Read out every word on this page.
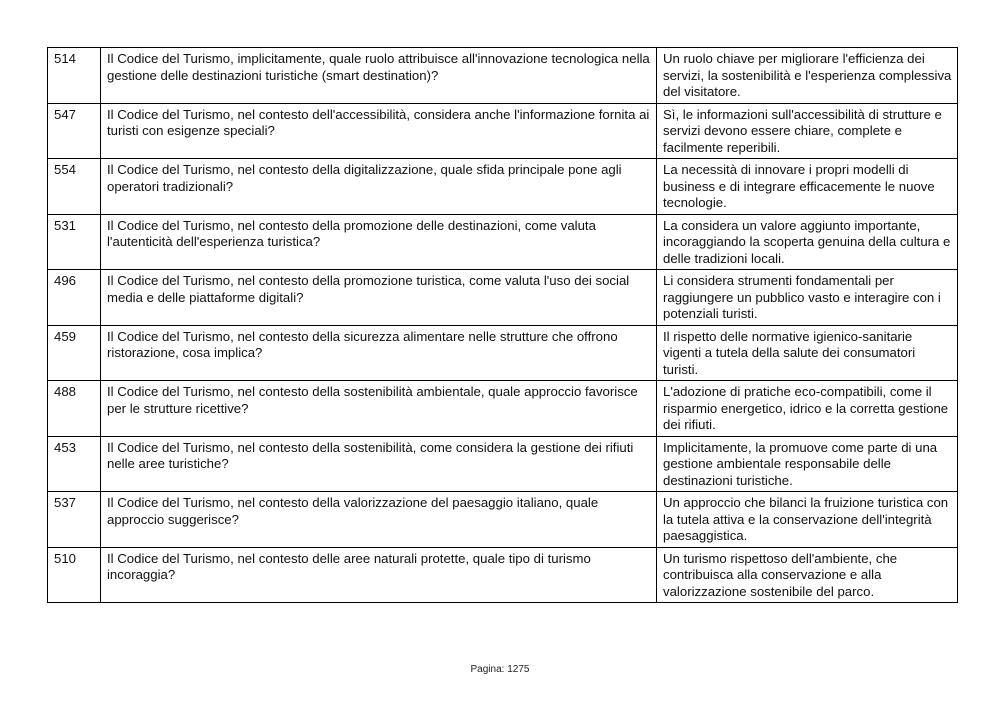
514	Il Codice del Turismo, implicitamente, quale ruolo attribuisce all'innovazione tecnologica nella gestione delle destinazioni turistiche (smart destination)?	Un ruolo chiave per migliorare l'efficienza dei servizi, la sostenibilità e l'esperienza complessiva del visitatore.
547	Il Codice del Turismo, nel contesto dell'accessibilità, considera anche l'informazione fornita ai turisti con esigenze speciali?	Sì, le informazioni sull'accessibilità di strutture e servizi devono essere chiare, complete e facilmente reperibili.
554	Il Codice del Turismo, nel contesto della digitalizzazione, quale sfida principale pone agli operatori tradizionali?	La necessità di innovare i propri modelli di business e di integrare efficacemente le nuove tecnologie.
531	Il Codice del Turismo, nel contesto della promozione delle destinazioni, come valuta l'autenticità dell'esperienza turistica?	La considera un valore aggiunto importante, incoraggiando la scoperta genuina della cultura e delle tradizioni locali.
496	Il Codice del Turismo, nel contesto della promozione turistica, come valuta l'uso dei social media e delle piattaforme digitali?	Li considera strumenti fondamentali per raggiungere un pubblico vasto e interagire con i potenziali turisti.
459	Il Codice del Turismo, nel contesto della sicurezza alimentare nelle strutture che offrono ristorazione, cosa implica?	Il rispetto delle normative igienico-sanitarie vigenti a tutela della salute dei consumatori turisti.
488	Il Codice del Turismo, nel contesto della sostenibilità ambientale, quale approccio favorisce per le strutture ricettive?	L'adozione di pratiche eco-compatibili, come il risparmio energetico, idrico e la corretta gestione dei rifiuti.
453	Il Codice del Turismo, nel contesto della sostenibilità, come considera la gestione dei rifiuti nelle aree turistiche?	Implicitamente, la promuove come parte di una gestione ambientale responsabile delle destinazioni turistiche.
537	Il Codice del Turismo, nel contesto della valorizzazione del paesaggio italiano, quale approccio suggerisce?	Un approccio che bilanci la fruizione turistica con la tutela attiva e la conservazione dell'integrità paesaggistica.
510	Il Codice del Turismo, nel contesto delle aree naturali protette, quale tipo di turismo incoraggia?	Un turismo rispettoso dell'ambiente, che contribuisca alla conservazione e alla valorizzazione sostenibile del parco.
Pagina: 1275
